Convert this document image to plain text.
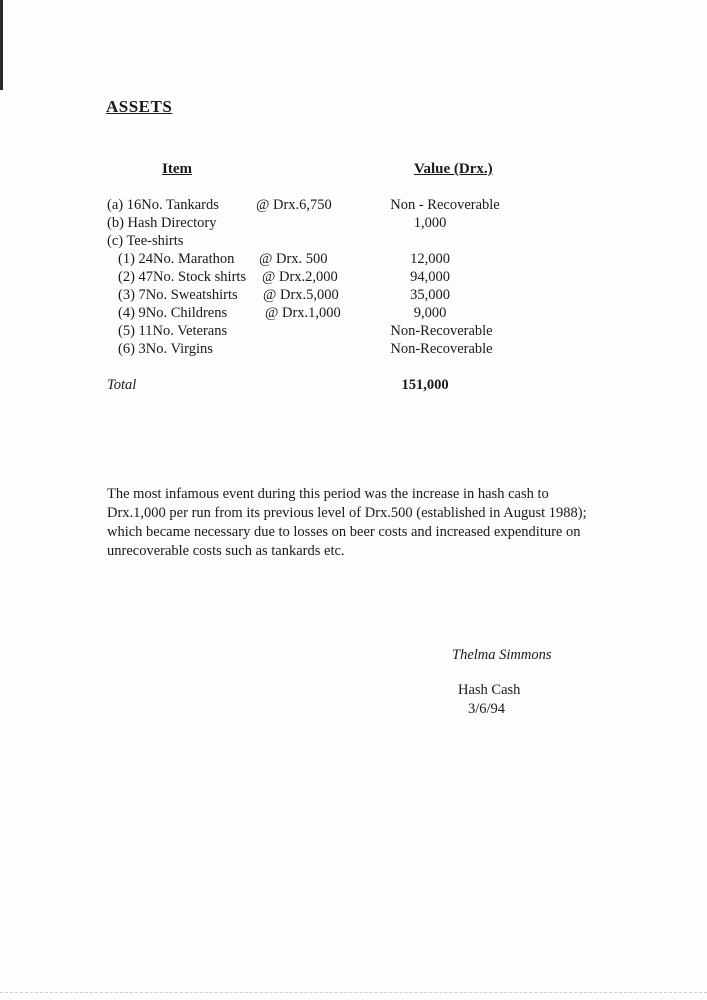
ASSETS
Item	Value (Drx.)
(a) 16No. Tankards	@ Drx.6,750	Non - Recoverable
(b) Hash Directory	1,000
(c) Tee-shirts
(1) 24No. Marathon @ Drx. 500	12,000
(2) 47No. Stock shirts @ Drx.2,000	94,000
(3) 7No. Sweatshirts @ Drx.5,000	35,000
(4) 9No. Childrens	@ Drx.1,000	9,000
(5) 11No. Veterans	Non-Recoverable
(6) 3No. Virgins	Non-Recoverable
Total	151,000
The most infamous event during this period was the increase in hash cash to
Drx.1,000 per run from its previous level of Drx.500 (established in August 1988);
which became necessary due to losses on beer costs and increased expenditure on
unrecoverable costs such as tankards etc.
Thelma Simmons
Hash Cash
3/6/94
